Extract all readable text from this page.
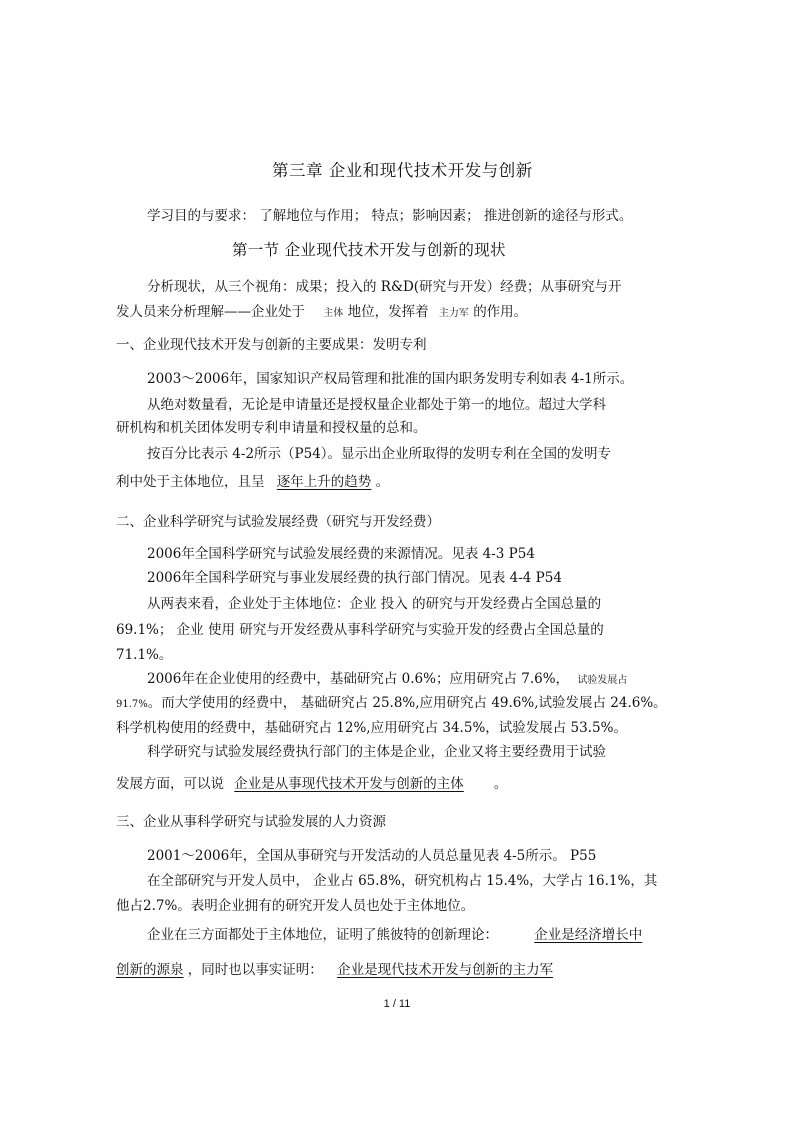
第三章 企业和现代技术开发与创新
学习目的与要求： 了解地位与作用； 特点；影响因素； 推进创新的途径与形式。
第一节 企业现代技术开发与创新的现状
分析现状，从三个视角：成果；投入的 R&D(研究与开发）经费；从事研究与开
发人员来分析理解——企业处于 主体 地位，发挥着 主力军 的作用。
一、企业现代技术开发与创新的主要成果：发明专利
2003～2006年，国家知识产权局管理和批准的国内职务发明专利如表 4-1所示。
从绝对数量看，无论是申请量还是授权量企业都处于第一的地位。超过大学科
研机构和机关团体发明专利申请量和授权量的总和。
按百分比表示 4-2所示（P54）。显示出企业所取得的发明专利在全国的发明专
利中处于主体地位，且呈 逐年上升的趋势 。
二、企业科学研究与试验发展经费（研究与开发经费）
2006年全国科学研究与试验发展经费的来源情况。见表 4-3 P54
2006年全国科学研究与事业发展经费的执行部门情况。见表 4-4 P54
从两表来看，企业处于主体地位：企业 投入 的研究与开发经费占全国总量的
69.1%； 企业 使用 研究与开发经费从事科学研究与实验开发的经费占全国总量的
71.1%。
2006年在企业使用的经费中，基础研究占 0.6%；应用研究占 7.6%， 试验发展占
91.7%。而大学使用的经费中， 基础研究占 25.8%,应用研究占 49.6%,试验发展占 24.6%。
科学机构使用的经费中，基础研究占 12%,应用研究占 34.5%，试验发展占 53.5%。
科学研究与试验发展经费执行部门的主体是企业，企业又将主要经费用于试验
发展方面，可以说 企业是从事现代技术开发与创新的主体 。
三、企业从事科学研究与试验发展的人力资源
2001～2006年，全国从事研究与开发活动的人员总量见表 4-5所示。 P55
在全部研究与开发人员中， 企业占 65.8%，研究机构占 15.4%，大学占 16.1%，其
他占2.7%。表明企业拥有的研究开发人员也处于主体地位。
企业在三方面都处于主体地位，证明了熊彼特的创新理论：	企业是经济增长中
创新的源泉 ，同时也以事实证明： 企业是现代技术开发与创新的主力军
1 / 11
